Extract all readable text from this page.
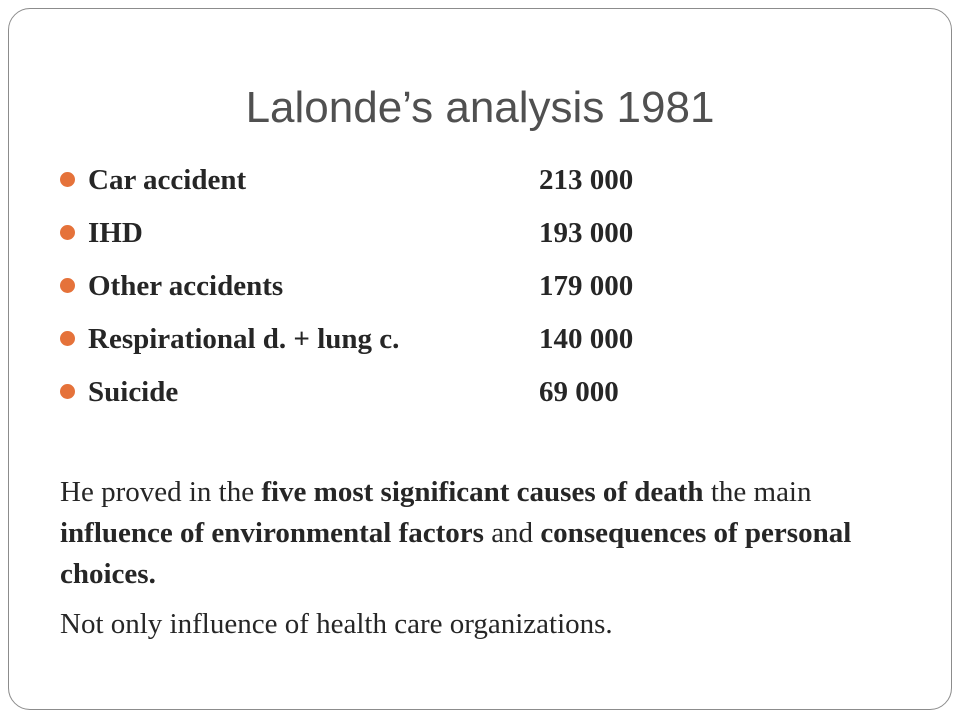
Lalonde’s analysis 1981
Car accident	213 000
IHD	193 000
Other accidents	179 000
Respirational d. + lung c.	140 000
Suicide	69 000

He proved in the five most significant causes of death the main influence of environmental factors and consequences of personal choices.

Not only influence of health care organizations.
